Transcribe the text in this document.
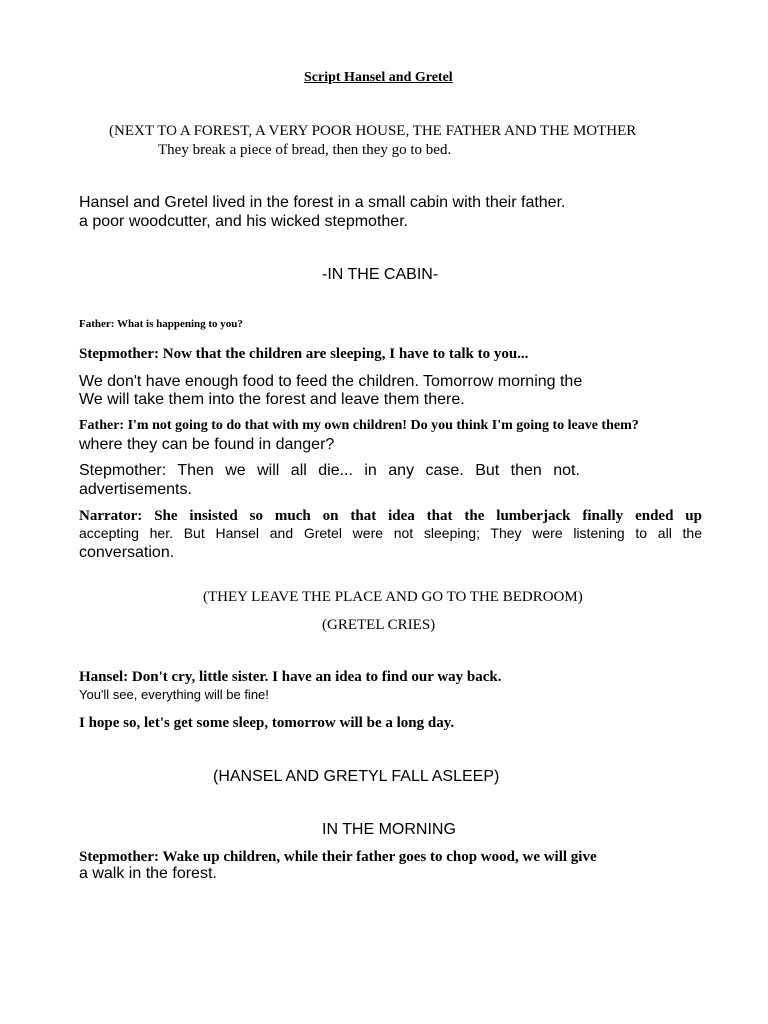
Script Hansel and Gretel
(NEXT TO A FOREST, A VERY POOR HOUSE, THE FATHER AND THE MOTHER
They break a piece of bread, then they go to bed.
Hansel and Gretel lived in the forest in a small cabin with their father.
a poor woodcutter, and his wicked stepmother.
-IN THE CABIN-
Father: What is happening to you?
Stepmother: Now that the children are sleeping, I have to talk to you...
We don't have enough food to feed the children. Tomorrow morning the
We will take them into the forest and leave them there.
Father: I'm not going to do that with my own children! Do you think I'm going to leave them?
where they can be found in danger?
Stepmother: Then we will all die... in any case. But then not.
advertisements.
Narrator: She insisted so much on that idea that the lumberjack finally ended up
accepting her. But Hansel and Gretel were not sleeping; They were listening to all the
conversation.
(THEY LEAVE THE PLACE AND GO TO THE BEDROOM)
(GRETEL CRIES)
Hansel: Don't cry, little sister. I have an idea to find our way back.
You'll see, everything will be fine!
I hope so, let's get some sleep, tomorrow will be a long day.
(HANSEL AND GRETYL FALL ASLEEP)
IN THE MORNING
Stepmother: Wake up children, while their father goes to chop wood, we will give
a walk in the forest.
